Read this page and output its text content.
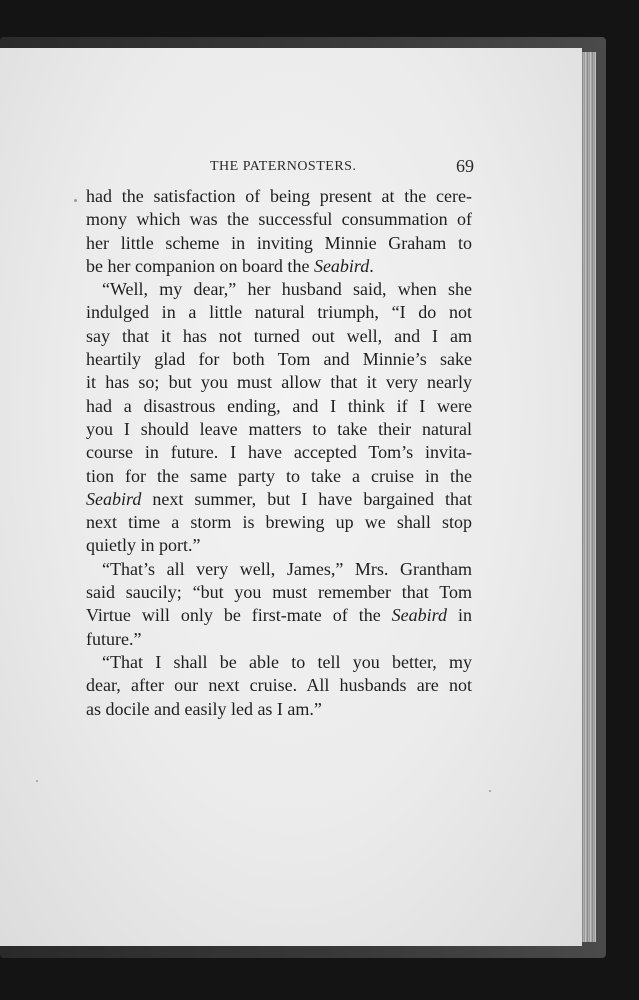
THE PATERNOSTERS.	69
had the satisfaction of being present at the cere-
mony which was the successful consummation of
her little scheme in inviting Minnie Graham to
be her companion on board the Seabird.
“Well, my dear,” her husband said, when she
indulged in a little natural triumph, “I do not
say that it has not turned out well, and I am
heartily glad for both Tom and Minnie’s sake
it has so; but you must allow that it very nearly
had a disastrous ending, and I think if I were
you I should leave matters to take their natural
course in future. I have accepted Tom’s invita-
tion for the same party to take a cruise in the
Seabird next summer, but I have bargained that
next time a storm is brewing up we shall stop
quietly in port.”
“That’s all very well, James,” Mrs. Grantham
said saucily; “but you must remember that Tom
Virtue will only be first-mate of the Seabird in
future.”
“That I shall be able to tell you better, my
dear, after our next cruise. All husbands are not
as docile and easily led as I am.”
